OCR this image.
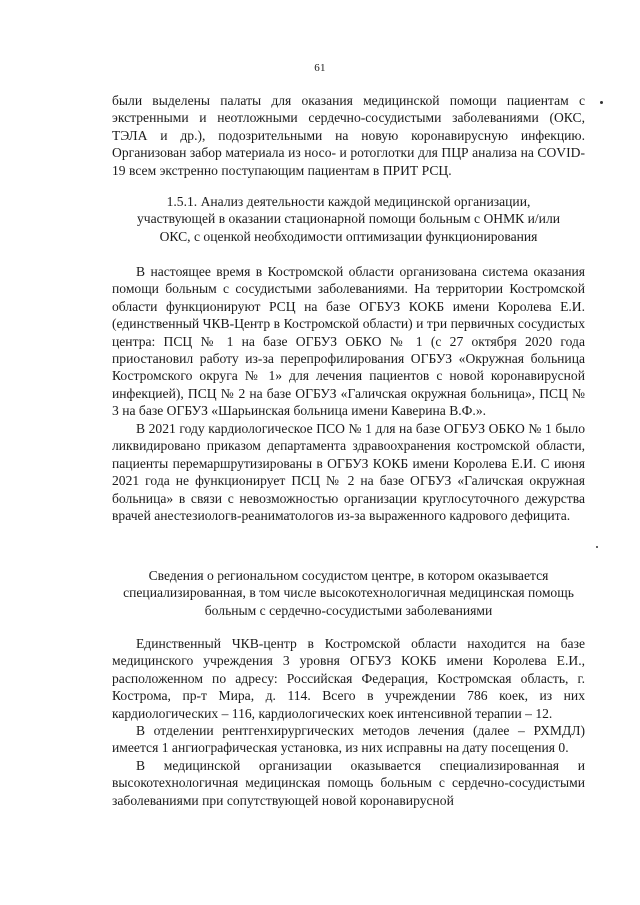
61

были выделены палаты для оказания медицинской помощи пациентам с экстренными и неотложными сердечно-сосудистыми заболеваниями (ОКС, ТЭЛА и др.), подозрительными на новую коронавирусную инфекцию. Организован забор материала из носо- и ротоглотки для ПЦР анализа на COVID-19 всем экстренно поступающим пациентам в ПРИТ РСЦ.

1.5.1. Анализ деятельности каждой медицинской организации,
участвующей в оказании стационарной помощи больным с ОНМК и/или
ОКС, с оценкой необходимости оптимизации функционирования

В настоящее время в Костромской области организована система оказания помощи больным с сосудистыми заболеваниями. На территории Костромской области функционируют РСЦ на базе ОГБУЗ КОКБ имени Королева Е.И. (единственный ЧКВ-Центр в Костромской области) и три первичных сосудистых центра: ПСЦ № 1 на базе ОГБУЗ ОБКО № 1 (с 27 октября 2020 года приостановил работу из-за перепрофилирования ОГБУЗ «Окружная больница Костромского округа № 1» для лечения пациентов с новой коронавирусной инфекцией), ПСЦ № 2 на базе ОГБУЗ «Галичская окружная больница», ПСЦ № 3 на базе ОГБУЗ «Шарьинская больница имени Каверина В.Ф.».

В 2021 году кардиологическое ПСО № 1 для на базе ОГБУЗ ОБКО № 1 было ликвидировано приказом департамента здравоохранения костромской области, пациенты перемаршрутизированы в ОГБУЗ КОКБ имени Королева Е.И. С июня 2021 года не функционирует ПСЦ № 2 на базе ОГБУЗ «Галичская окружная больница» в связи с невозможностью организации круглосуточного дежурства врачей анестезиологв-реаниматологов из-за выраженного кадрового дефицита.

Сведения о региональном сосудистом центре, в котором оказывается
специализированная, в том числе высокотехнологичная медицинская помощь
больным с сердечно-сосудистыми заболеваниями

Единственный ЧКВ-центр в Костромской области находится на базе медицинского учреждения 3 уровня ОГБУЗ КОКБ имени Королева Е.И., расположенном по адресу: Российская Федерация, Костромская область, г. Кострома, пр-т Мира, д. 114. Всего в учреждении 786 коек, из них кардиологических – 116, кардиологических коек интенсивной терапии – 12.

В отделении рентгенхирургических методов лечения (далее – РХМДЛ) имеется 1 ангиографическая установка, из них исправны на дату посещения 0.

В медицинской организации оказывается специализированная и высокотехнологичная медицинская помощь больным с сердечно-сосудистыми заболеваниями при сопутствующей новой коронавирусной
